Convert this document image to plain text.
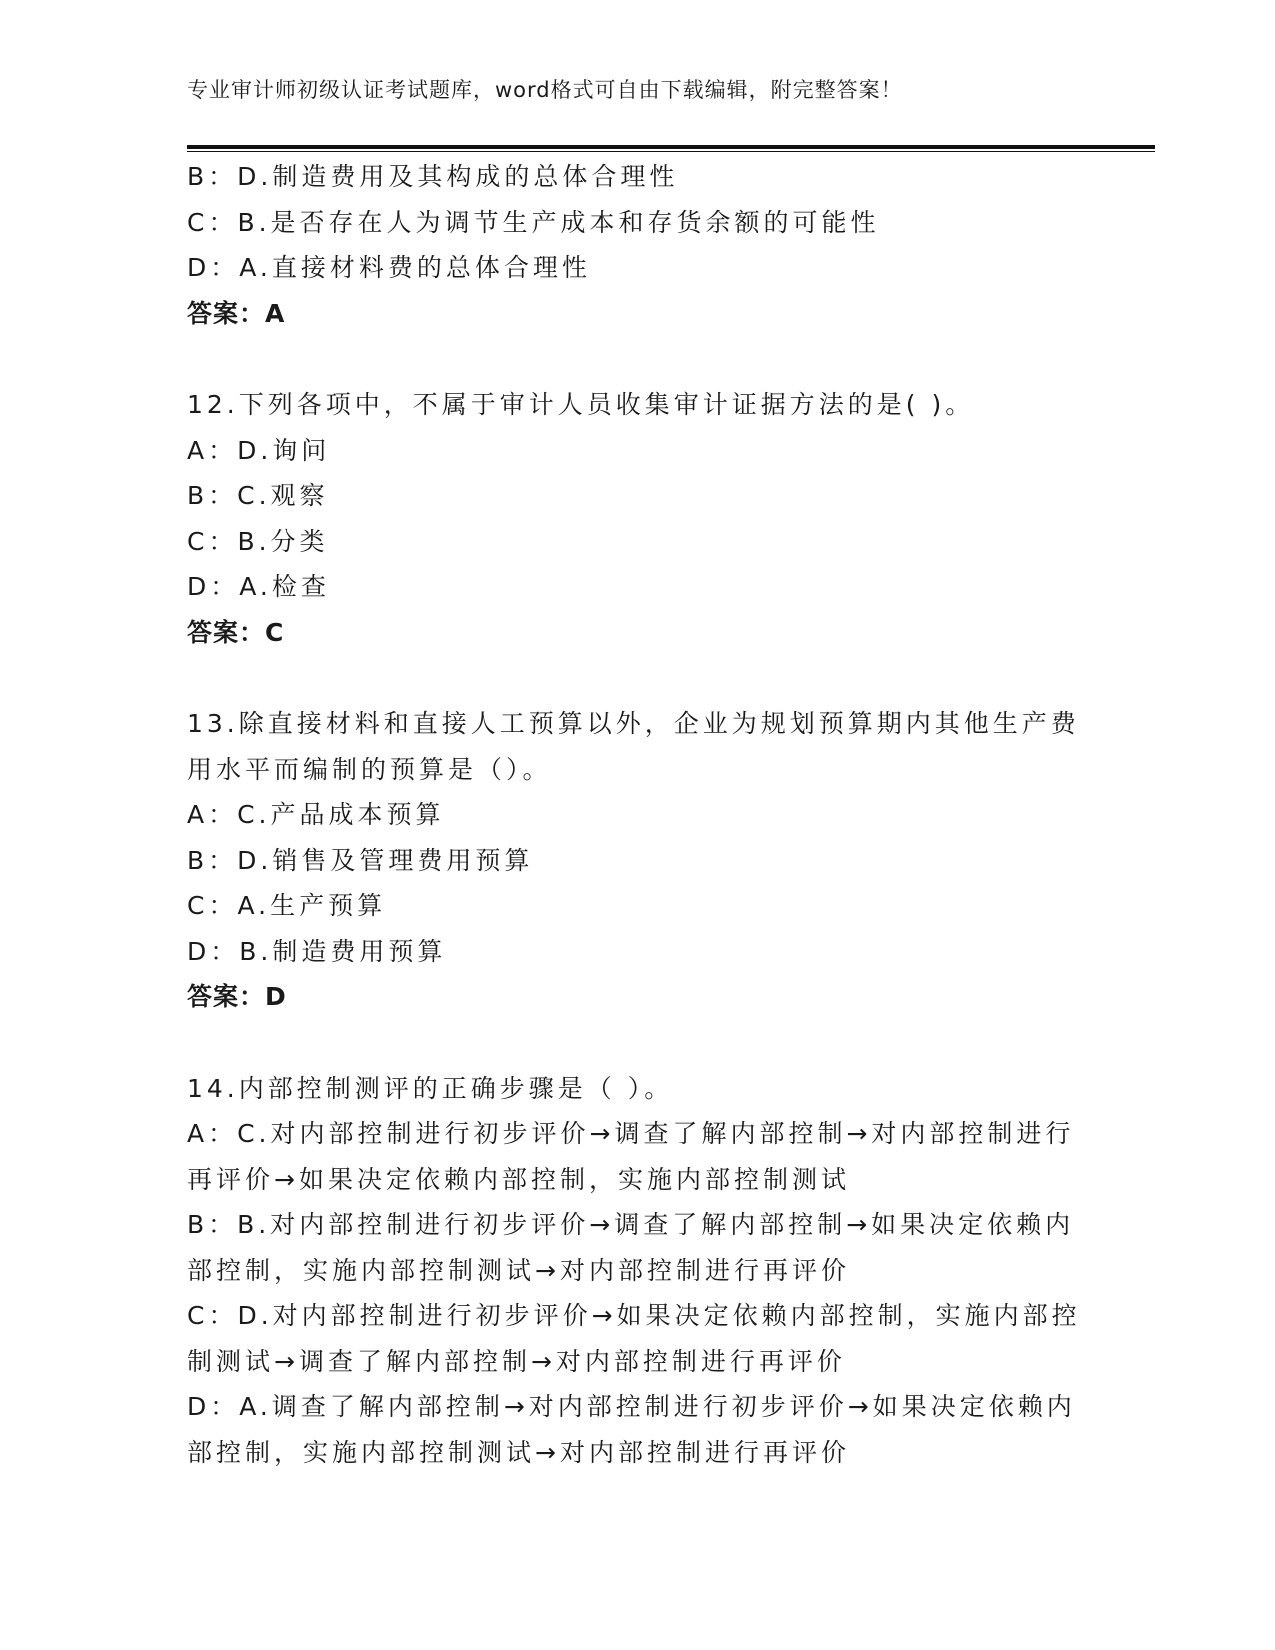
专业审计师初级认证考试题库，word格式可自由下载编辑，附完整答案！
B：D.制造费用及其构成的总体合理性
C：B.是否存在人为调节生产成本和存货余额的可能性
D：A.直接材料费的总体合理性
答案：A
12.下列各项中，不属于审计人员收集审计证据方法的是( )。
A：D.询问
B：C.观察
C：B.分类
D：A.检查
答案：C
13.除直接材料和直接人工预算以外，企业为规划预算期内其他生产费
用水平而编制的预算是（）。
A：C.产品成本预算
B：D.销售及管理费用预算
C：A.生产预算
D：B.制造费用预算
答案：D
14.内部控制测评的正确步骤是（ ）。
A：C.对内部控制进行初步评价→调查了解内部控制→对内部控制进行
再评价→如果决定依赖内部控制，实施内部控制测试
B：B.对内部控制进行初步评价→调查了解内部控制→如果决定依赖内
部控制，实施内部控制测试→对内部控制进行再评价
C：D.对内部控制进行初步评价→如果决定依赖内部控制，实施内部控
制测试→调查了解内部控制→对内部控制进行再评价
D：A.调查了解内部控制→对内部控制进行初步评价→如果决定依赖内
部控制，实施内部控制测试→对内部控制进行再评价
